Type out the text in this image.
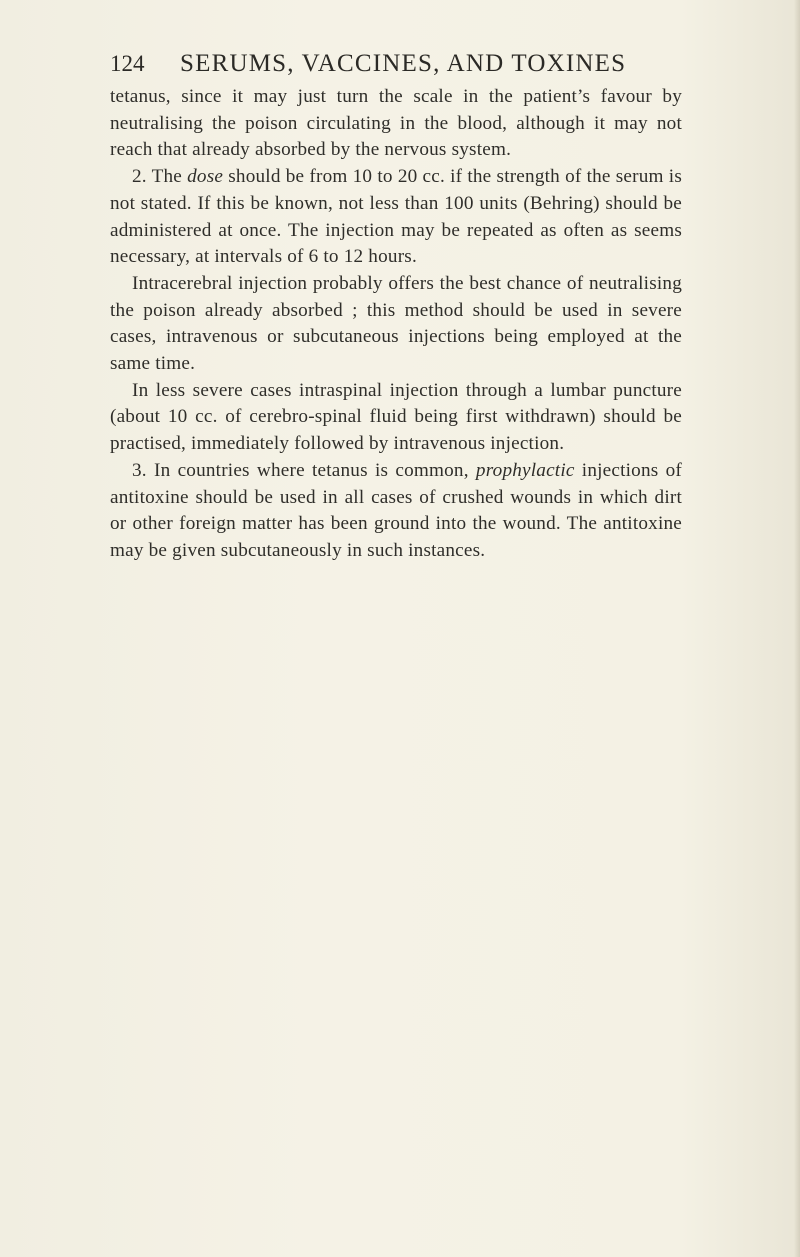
124 SERUMS, VACCINES, AND TOXINES

tetanus, since it may just turn the scale in the patient’s favour by neutralising the poison circulating in the blood, although it may not reach that already absorbed by the nervous system.

2. The dose should be from 10 to 20 cc. if the strength of the serum is not stated. If this be known, not less than 100 units (Behring) should be administered at once. The injection may be repeated as often as seems necessary, at intervals of 6 to 12 hours.

Intracerebral injection probably offers the best chance of neutralising the poison already absorbed ; this method should be used in severe cases, intravenous or subcutaneous injections being employed at the same time.

In less severe cases intraspinal injection through a lumbar puncture (about 10 cc. of cerebro-spinal fluid being first withdrawn) should be practised, immediately followed by intravenous injection.

3. In countries where tetanus is common, prophylactic injections of antitoxine should be used in all cases of crushed wounds in which dirt or other foreign matter has been ground into the wound. The antitoxine may be given subcutaneously in such instances.
